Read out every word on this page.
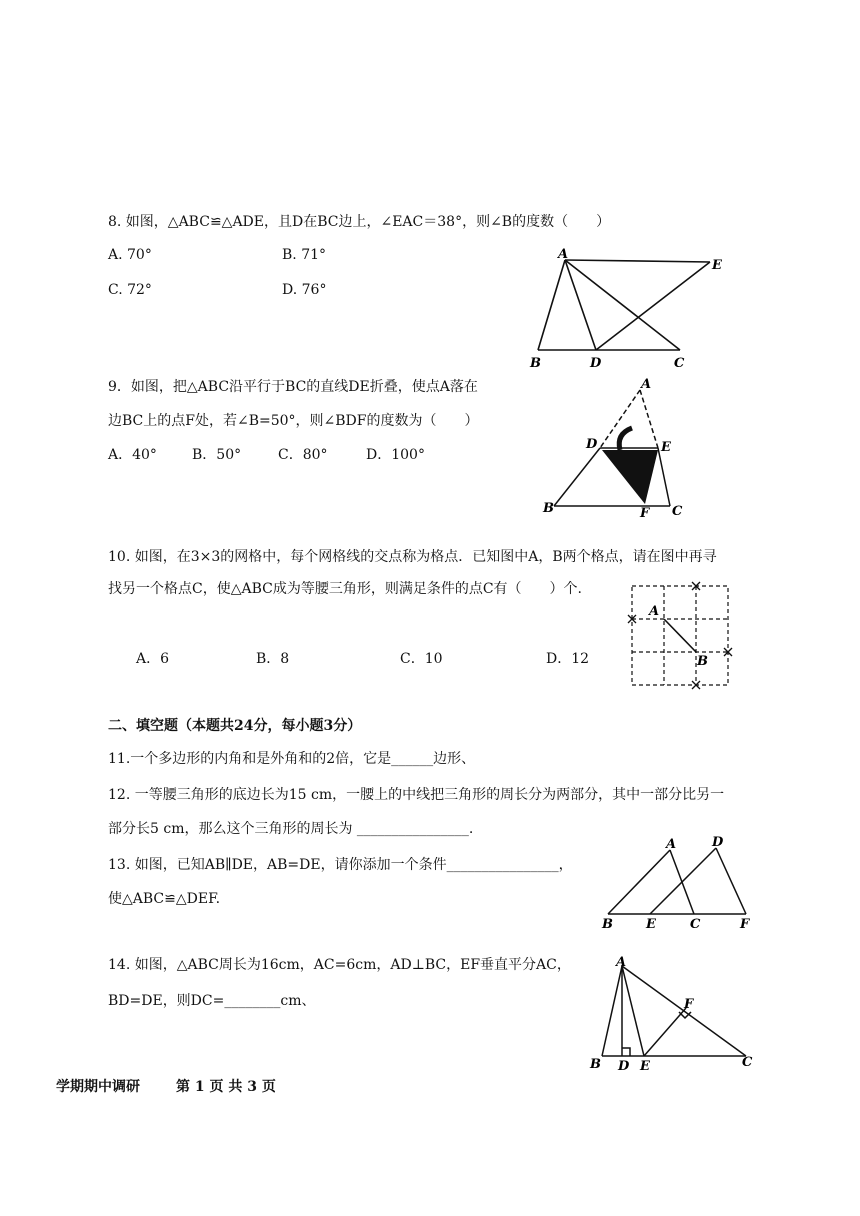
8. 如图，△ABC≌△ADE，且D在BC边上，∠EAC＝38°，则∠B的度数（　　）
A. 70°	B. 71°
C. 72°	D. 76°
A
E
B	D	C
9．如图，把△ABC沿平行于BC的直线DE折叠，使点A落在
边BC上的点F处，若∠B=50°，则∠BDF的度数为（　　）
A．40°	B．50°	C．80°	D．100°
A
D	E
B	F C
10. 如图，在3×3的网格中，每个网格线的交点称为格点．已知图中A，B两个格点，请在图中再寻
找另一个格点C，使△ABC成为等腰三角形，则满足条件的点C有（　　）个.
A．6	B．8	C．10	D．12
A
B
二、填空题（本题共24分，每小题3分）
11.一个多边形的内角和是外角和的2倍，它是______边形、
12. 一等腰三角形的底边长为15 cm，一腰上的中线把三角形的周长分为两部分，其中一部分比另一
部分长5 cm，那么这个三角形的周长为 ________________.
13. 如图，已知AB∥DE，AB=DE，请你添加一个条件________________，
使△ABC≌△DEF.
A	D
B	E	C	F
14. 如图，△ABC周长为16cm，AC=6cm，AD⊥BC，EF垂直平分AC，
BD=DE，则DC=________cm、
A
F
B D E	C
学期期中调研	第 1 页 共 3 页
